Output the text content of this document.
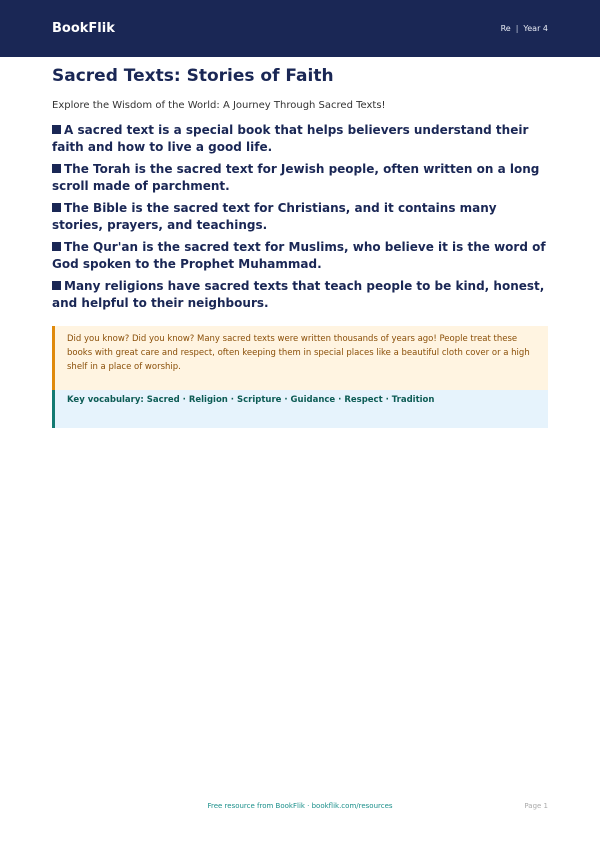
BookFlik	Re | Year 4
Sacred Texts: Stories of Faith

Explore the Wisdom of the World: A Journey Through Sacred Texts!

A sacred text is a special book that helps believers understand their faith and how to live a good life.

The Torah is the sacred text for Jewish people, often written on a long scroll made of parchment.

The Bible is the sacred text for Christians, and it contains many stories, prayers, and teachings.

The Qur'an is the sacred text for Muslims, who believe it is the word of God spoken to the Prophet Muhammad.

Many religions have sacred texts that teach people to be kind, honest, and helpful to their neighbours.

Did you know? Did you know? Many sacred texts were written thousands of years ago! People treat these books with great care and respect, often keeping them in special places like a beautiful cloth cover or a high shelf in a place of worship.
Key vocabulary: Sacred · Religion · Scripture · Guidance · Respect · Tradition
Free resource from BookFlik · bookflik.com/resources	Page 1
